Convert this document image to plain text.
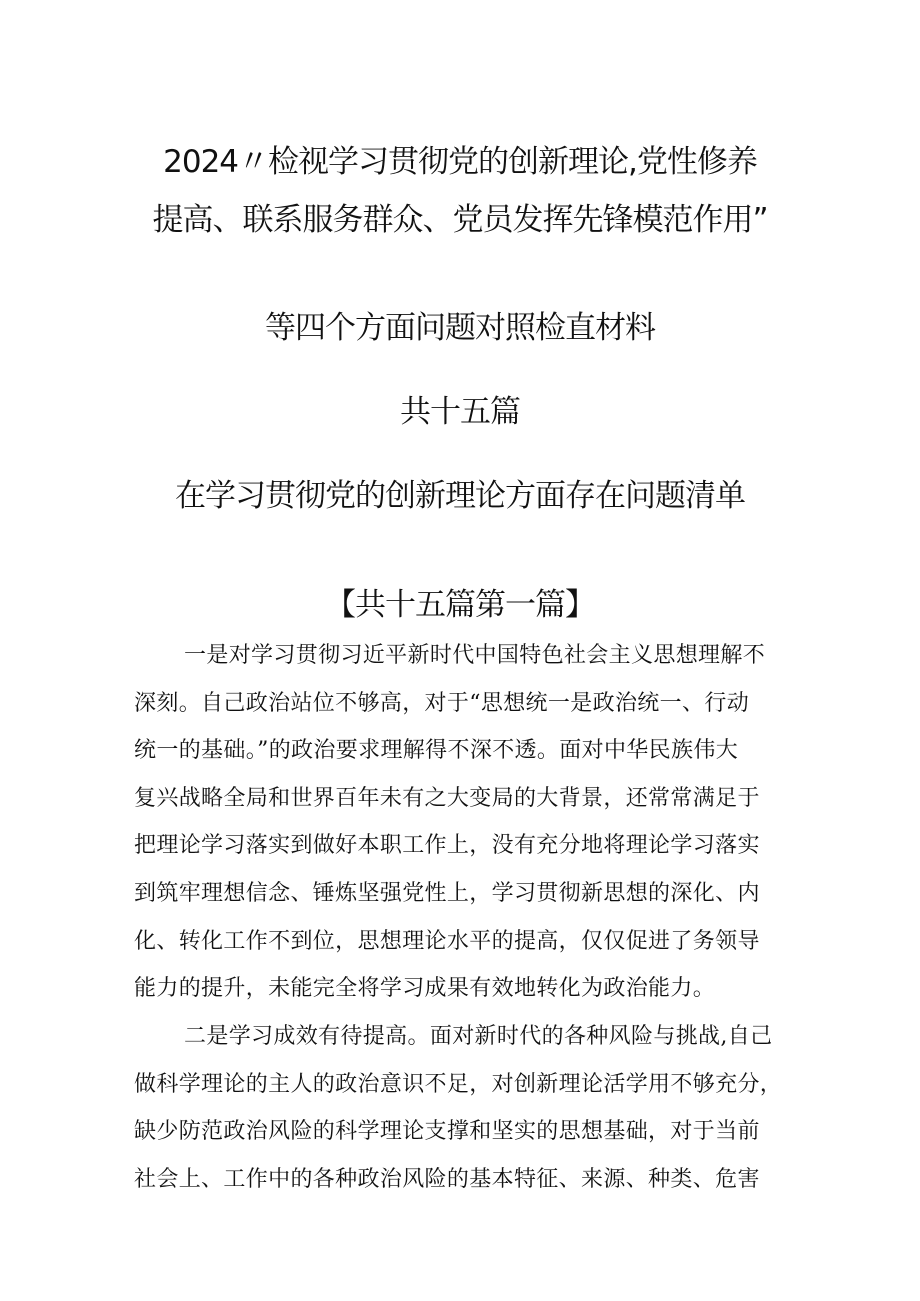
2024〃检视学习贯彻党的创新理论,党性修养
提高、联系服务群众、党员发挥先锋模范作用”
等四个方面问题对照检直材料
共十五篇
在学习贯彻党的创新理论方面存在问题清单
【共十五篇第一篇】
一是对学习贯彻习近平新时代中国特色社会主义思想理解不
深刻。自己政治站位不够高，对于“思想统一是政治统一、行动
统一的基础。”的政治要求理解得不深不透。面对中华民族伟大
复兴战略全局和世界百年未有之大变局的大背景，还常常满足于
把理论学习落实到做好本职工作上，没有充分地将理论学习落实
到筑牢理想信念、锤炼坚强党性上，学习贯彻新思想的深化、内
化、转化工作不到位，思想理论水平的提高，仅仅促进了务领导
能力的提升，未能完全将学习成果有效地转化为政治能力。
二是学习成效有待提高。面对新时代的各种风险与挑战,自己
做科学理论的主人的政治意识不足，对创新理论活学用不够充分，
缺少防范政治风险的科学理论支撑和坚实的思想基础，对于当前
社会上、工作中的各种政治风险的基本特征、来源、种类、危害
